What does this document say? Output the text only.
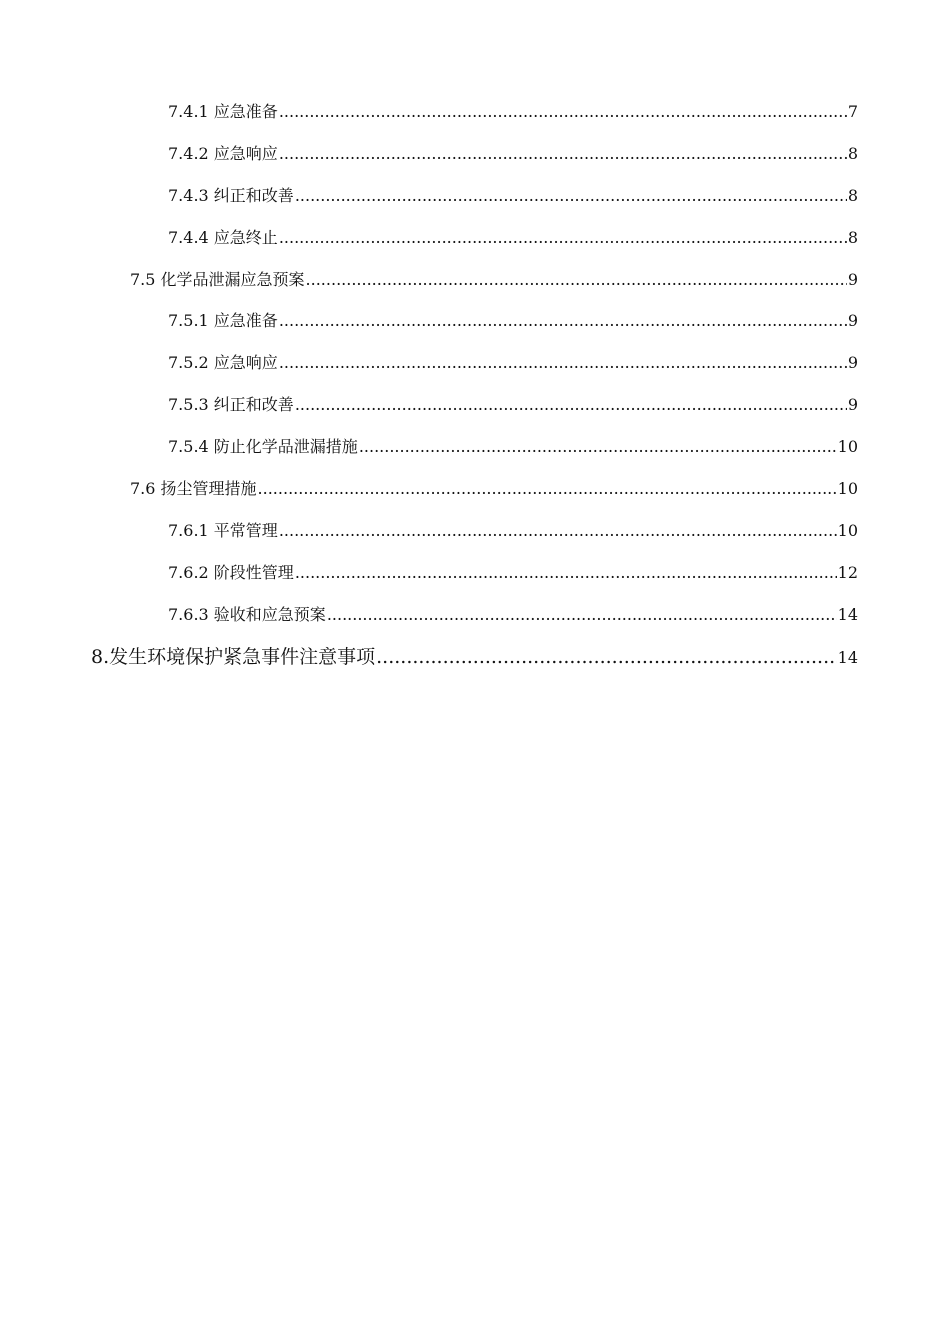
7.4.1 应急准备 .....	7
7.4.2 应急响应 .....	8
7.4.3 纠正和改善 .....	8
7.4.4 应急终止 .....	8
7.5 化学品泄漏应急预案 .....	9
7.5.1 应急准备 .....	9
7.5.2 应急响应 .....	9
7.5.3 纠正和改善 .....	9
7.5.4 防止化学品泄漏措施 .....	10
7.6 扬尘管理措施 .....	10
7.6.1 平常管理 .....	10
7.6.2 阶段性管理 .....	12
7.6.3 验收和应急预案 .....	14
8.发生环境保护紧急事件注意事项 .....	14
